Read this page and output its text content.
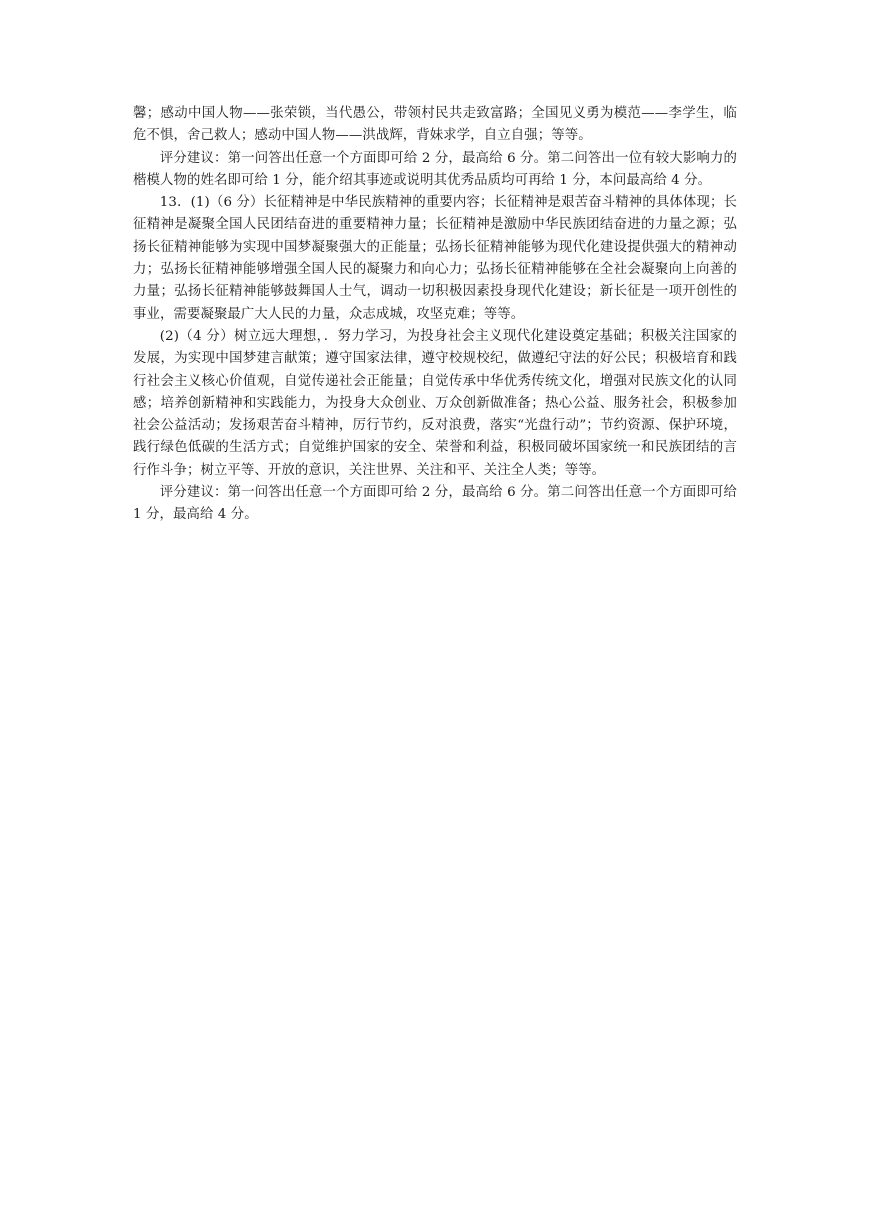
馨；感动中国人物——张荣锁，当代愚公，带领村民共走致富路；全国见义勇为模范——李学生，临危不惧，舍己救人；感动中国人物——洪战辉，背妹求学，自立自强；等等。

评分建议：第一问答出任意一个方面即可给 2 分，最高给 6 分。第二问答出一位有较大影响力的楷模人物的姓名即可给 1 分，能介绍其事迹或说明其优秀品质均可再给 1 分，本问最高给 4 分。

13．(1)（6 分）长征精神是中华民族精神的重要内容；长征精神是艰苦奋斗精神的具体体现；长征精神是凝聚全国人民团结奋进的重要精神力量；长征精神是激励中华民族团结奋进的力量之源；弘扬长征精神能够为实现中国梦凝聚强大的正能量；弘扬长征精神能够为现代化建设提供强大的精神动力；弘扬长征精神能够增强全国人民的凝聚力和向心力；弘扬长征精神能够在全社会凝聚向上向善的力量；弘扬长征精神能够鼓舞国人士气，调动一切积极因素投身现代化建设；新长征是一项开创性的事业，需要凝聚最广大人民的力量，众志成城，攻坚克难；等等。

(2)（4 分）树立远大理想，．努力学习，为投身社会主义现代化建设奠定基础；积极关注国家的发展，为实现中国梦建言献策；遵守国家法律，遵守校规校纪，做遵纪守法的好公民；积极培育和践行社会主义核心价值观，自觉传递社会正能量；自觉传承中华优秀传统文化，增强对民族文化的认同感；培养创新精神和实践能力，为投身大众创业、万众创新做准备；热心公益、服务社会，积极参加社会公益活动；发扬艰苦奋斗精神，厉行节约，反对浪费，落实“光盘行动”；节约资源、保护环境，践行绿色低碳的生活方式；自觉维护国家的安全、荣誉和利益，积极同破坏国家统一和民族团结的言行作斗争；树立平等、开放的意识，关注世界、关注和平、关注全人类；等等。

评分建议：第一问答出任意一个方面即可给 2 分，最高给 6 分。第二问答出任意一个方面即可给 1 分，最高给 4 分。
